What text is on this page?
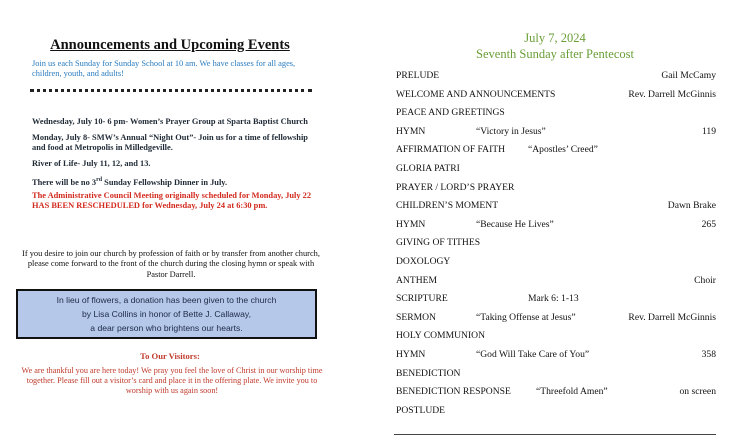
Announcements and Upcoming Events
Join us each Sunday for Sunday School at 10 am. We have classes for all ages, children, youth, and adults!
Wednesday, July 10- 6 pm- Women’s Prayer Group at Sparta Baptist Church
Monday, July 8- SMW’s Annual “Night Out”- Join us for a time of fellowship and food at Metropolis in Milledgeville.
River of Life- July 11, 12, and 13.
There will be no 3rd Sunday Fellowship Dinner in July.
The Administrative Council Meeting originally scheduled for Monday, July 22 HAS BEEN RESCHEDULED for Wednesday, July 24 at 6:30 pm.
If you desire to join our church by profession of faith or by transfer from another church, please come forward to the front of the church during the closing hymn or speak with Pastor Darrell.
In lieu of flowers, a donation has been given to the church
by Lisa Collins in honor of Bette J. Callaway,
a dear person who brightens our hearts.
To Our Visitors:
We are thankful you are here today! We pray you feel the love of Christ in our worship time together. Please fill out a visitor’s card and place it in the offering plate. We invite you to worship with us again soon!
July 7, 2024
Seventh Sunday after Pentecost
PRELUDE	Gail McCamy
WELCOME AND ANNOUNCEMENTS	Rev. Darrell McGinnis
PEACE AND GREETINGS
HYMN	“Victory in Jesus”	119
AFFIRMATION OF FAITH “Apostles’ Creed”
GLORIA PATRI
PRAYER / LORD’S PRAYER
CHILDREN’S MOMENT	Dawn Brake
HYMN	“Because He Lives”	265
GIVING OF TITHES
DOXOLOGY
ANTHEM	Choir
SCRIPTURE	Mark 6: 1-13
SERMON	“Taking Offense at Jesus”	Rev. Darrell McGinnis
HOLY COMMUNION
HYMN	“God Will Take Care of You”	358
BENEDICTION
BENEDICTION RESPONSE	“Threefold Amen”	on screen
POSTLUDE
